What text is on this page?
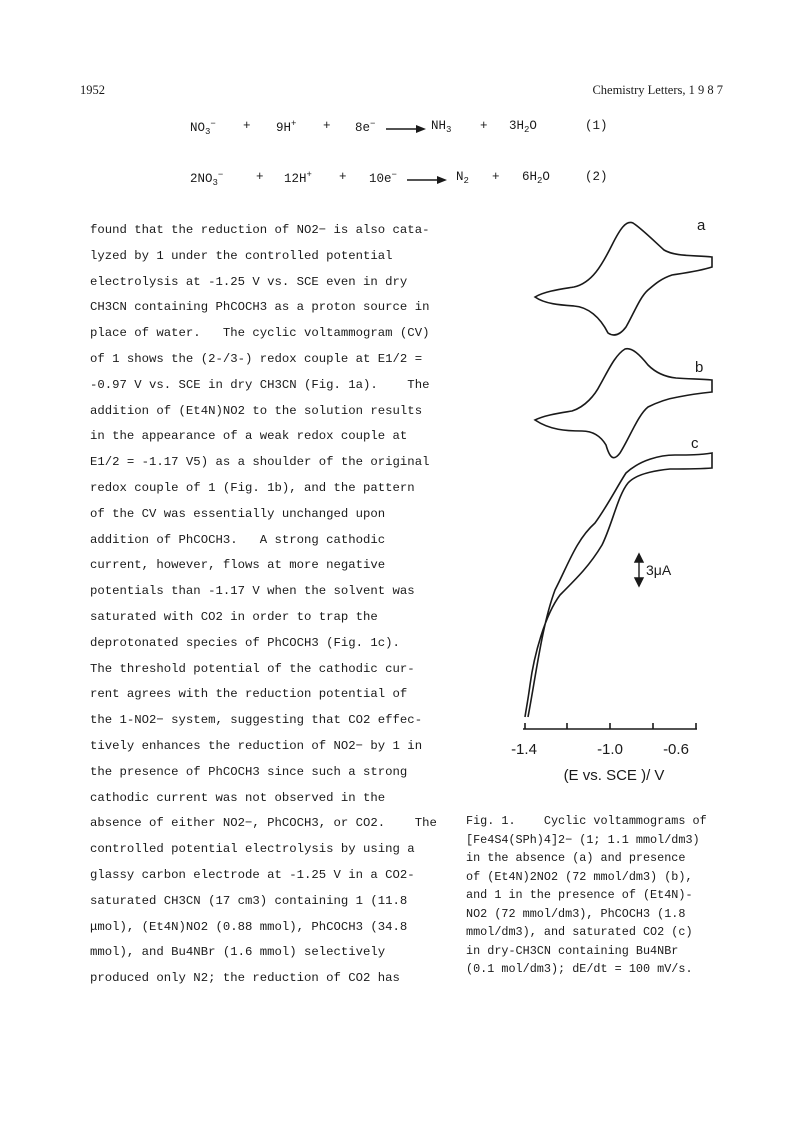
1952	Chemistry Letters, 1 9 8 7
$NO_3^- + 9H^+ + 8e^- \to NH_3 + 3H_2O$	(1)
$2NO_3^-$	+ $12H^+ + 10e^- \to N_2 + 6H_2O$	(2)
found that the reduction of NO2− is also cata-
lyzed by 1 under the controlled potential
electrolysis at -1.25 V vs. SCE even in dry
CH3CN containing PhCOCH3 as a proton source in
place of water.   The cyclic voltammogram (CV)
of 1 shows the (2-/3-) redox couple at E1/2 =
-0.97 V vs. SCE in dry CH3CN (Fig. 1a).    The
addition of (Et4N)NO2 to the solution results
in the appearance of a weak redox couple at
E1/2 = -1.17 V5) as a shoulder of the original
redox couple of 1 (Fig. 1b), and the pattern
of the CV was essentially unchanged upon
addition of PhCOCH3.   A strong cathodic
current, however, flows at more negative
potentials than -1.17 V when the solvent was
saturated with CO2 in order to trap the
deprotonated species of PhCOCH3 (Fig. 1c).
The threshold potential of the cathodic cur-
rent agrees with the reduction potential of
the 1-NO2− system, suggesting that CO2 effec-
tively enhances the reduction of NO2− by 1 in
the presence of PhCOCH3 since such a strong
cathodic current was not observed in the
absence of either NO2−, PhCOCH3, or CO2.    The
controlled potential electrolysis by using a
glassy carbon electrode at -1.25 V in a CO2-
saturated CH3CN (17 cm3) containing 1 (11.8
μmol), (Et4N)NO2 (0.88 mmol), PhCOCH3 (34.8
mmol), and Bu4NBr (1.6 mmol) selectively
produced only N2; the reduction of CO2 has
a
b
c
3μA
-1.4	-1.0	-0.6
(E vs. SCE )/ V
Fig. 1.    Cyclic voltammograms of
[Fe4S4(SPh)4]2− (1; 1.1 mmol/dm3)
in the absence (a) and presence
of (Et4N)2NO2 (72 mmol/dm3) (b),
and 1 in the presence of (Et4N)-
NO2 (72 mmol/dm3), PhCOCH3 (1.8
mmol/dm3), and saturated CO2 (c)
in dry-CH3CN containing Bu4NBr
(0.1 mol/dm3); dE/dt = 100 mV/s.
